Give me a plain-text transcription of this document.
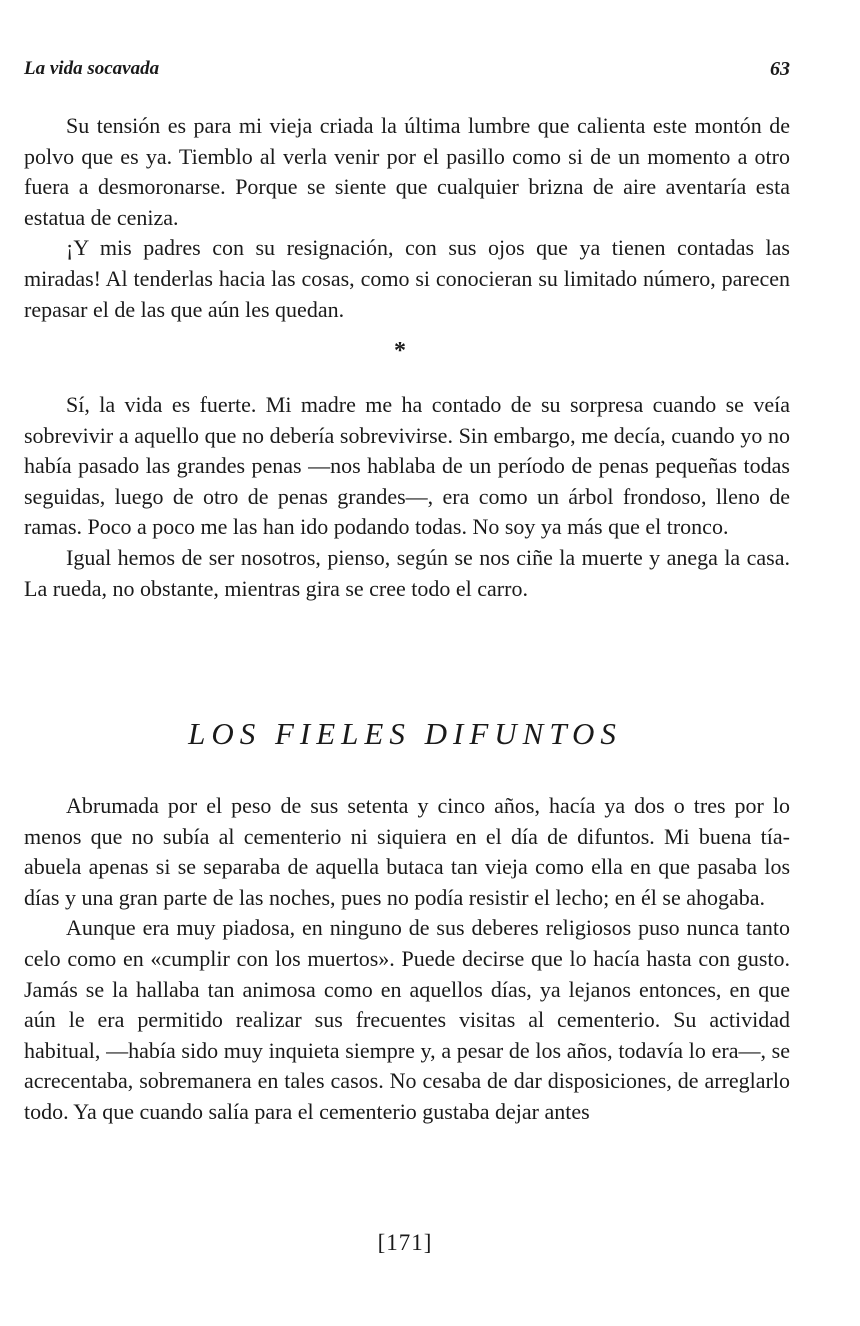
La vida socavada	63

Su tensión es para mi vieja criada la última lumbre que calienta este montón de polvo que es ya. Tiemblo al verla venir por el pasillo como si de un momento a otro fuera a desmoronarse. Porque se siente que cualquier brizna de aire aventaría esta estatua de ceniza.

¡Y mis padres con su resignación, con sus ojos que ya tienen contadas las miradas! Al tenderlas hacia las cosas, como si conocieran su limitado número, parecen repasar el de las que aún les quedan.

*

Sí, la vida es fuerte. Mi madre me ha contado de su sorpresa cuando se veía sobrevivir a aquello que no debería sobrevivirse. Sin embargo, me decía, cuando yo no había pasado las grandes penas —nos hablaba de un período de penas pequeñas todas seguidas, luego de otro de penas grandes—, era como un árbol frondoso, lleno de ramas. Poco a poco me las han ido podando todas. No soy ya más que el tronco.

Igual hemos de ser nosotros, pienso, según se nos ciñe la muerte y anega la casa. La rueda, no obstante, mientras gira se cree todo el carro.

LOS FIELES DIFUNTOS

Abrumada por el peso de sus setenta y cinco años, hacía ya dos o tres por lo menos que no subía al cementerio ni siquiera en el día de difuntos. Mi buena tía-abuela apenas si se separaba de aquella butaca tan vieja como ella en que pasaba los días y una gran parte de las noches, pues no podía resistir el lecho; en él se ahogaba.

Aunque era muy piadosa, en ninguno de sus deberes religiosos puso nunca tanto celo como en «cumplir con los muertos». Puede decirse que lo hacía hasta con gusto. Jamás se la hallaba tan animosa como en aquellos días, ya lejanos entonces, en que aún le era permitido realizar sus frecuentes visitas al cementerio. Su actividad habitual, —había sido muy inquieta siempre y, a pesar de los años, todavía lo era—, se acrecentaba, sobremanera en tales casos. No cesaba de dar disposiciones, de arreglarlo todo. Ya que cuando salía para el cementerio gustaba dejar antes

[171]
